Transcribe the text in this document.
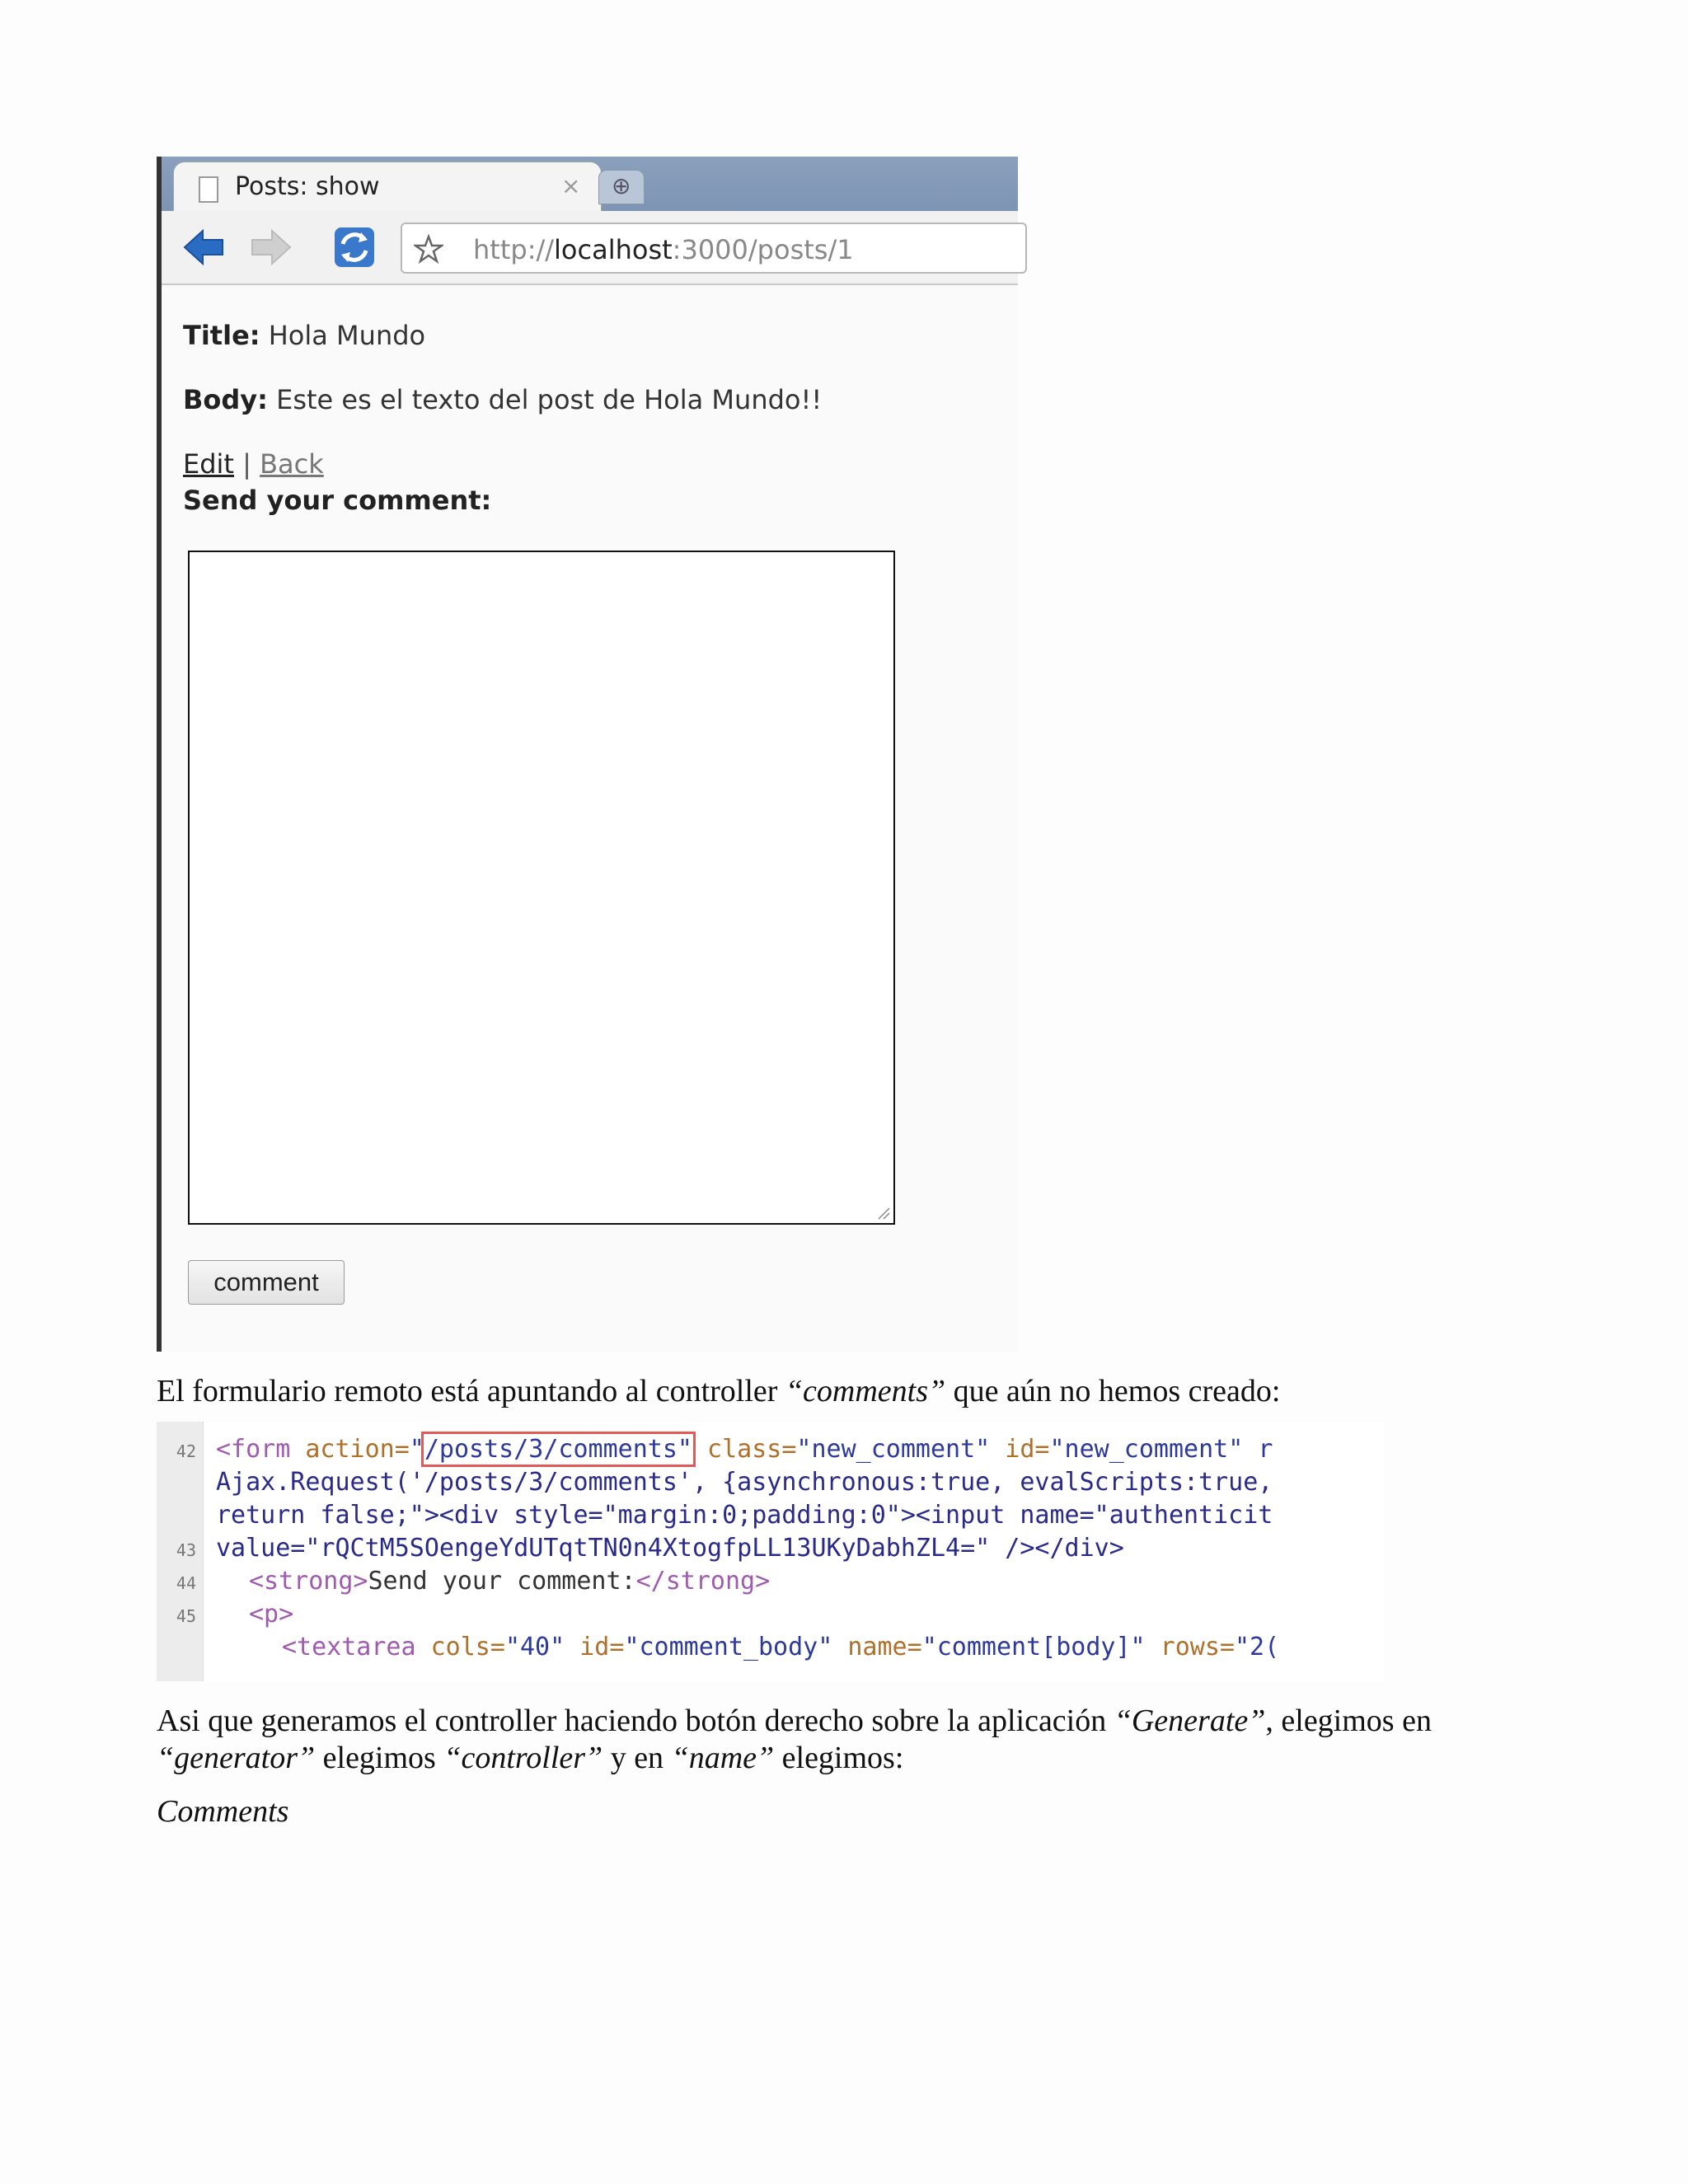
Posts: show	× ⊕
http://localhost:3000/posts/1
Title: Hola Mundo
Body: Este es el texto del post de Hola Mundo!!
Edit | Back
Send your comment:
comment
El formulario remoto está apuntando al controller “comments” que aún no hemos creado:
42
43
44
45
<form action="/posts/3/comments" class="new_comment" id="new_comment" r
Ajax.Request('/posts/3/comments', {asynchronous:true, evalScripts:true,
return false;"><div style="margin:0;padding:0"><input name="authenticit
value="rQCtM5SOengeYdUTqtTN0n4XtogfpLL13UKyDabhZL4=" /></div>
<strong>Send your comment:</strong>
<p>
<textarea cols="40" id="comment_body" name="comment[body]" rows="2(
Asi que generamos el controller haciendo botón derecho sobre la aplicación “Generate”, elegimos en
“generator” elegimos “controller” y en “name” elegimos:
Comments
